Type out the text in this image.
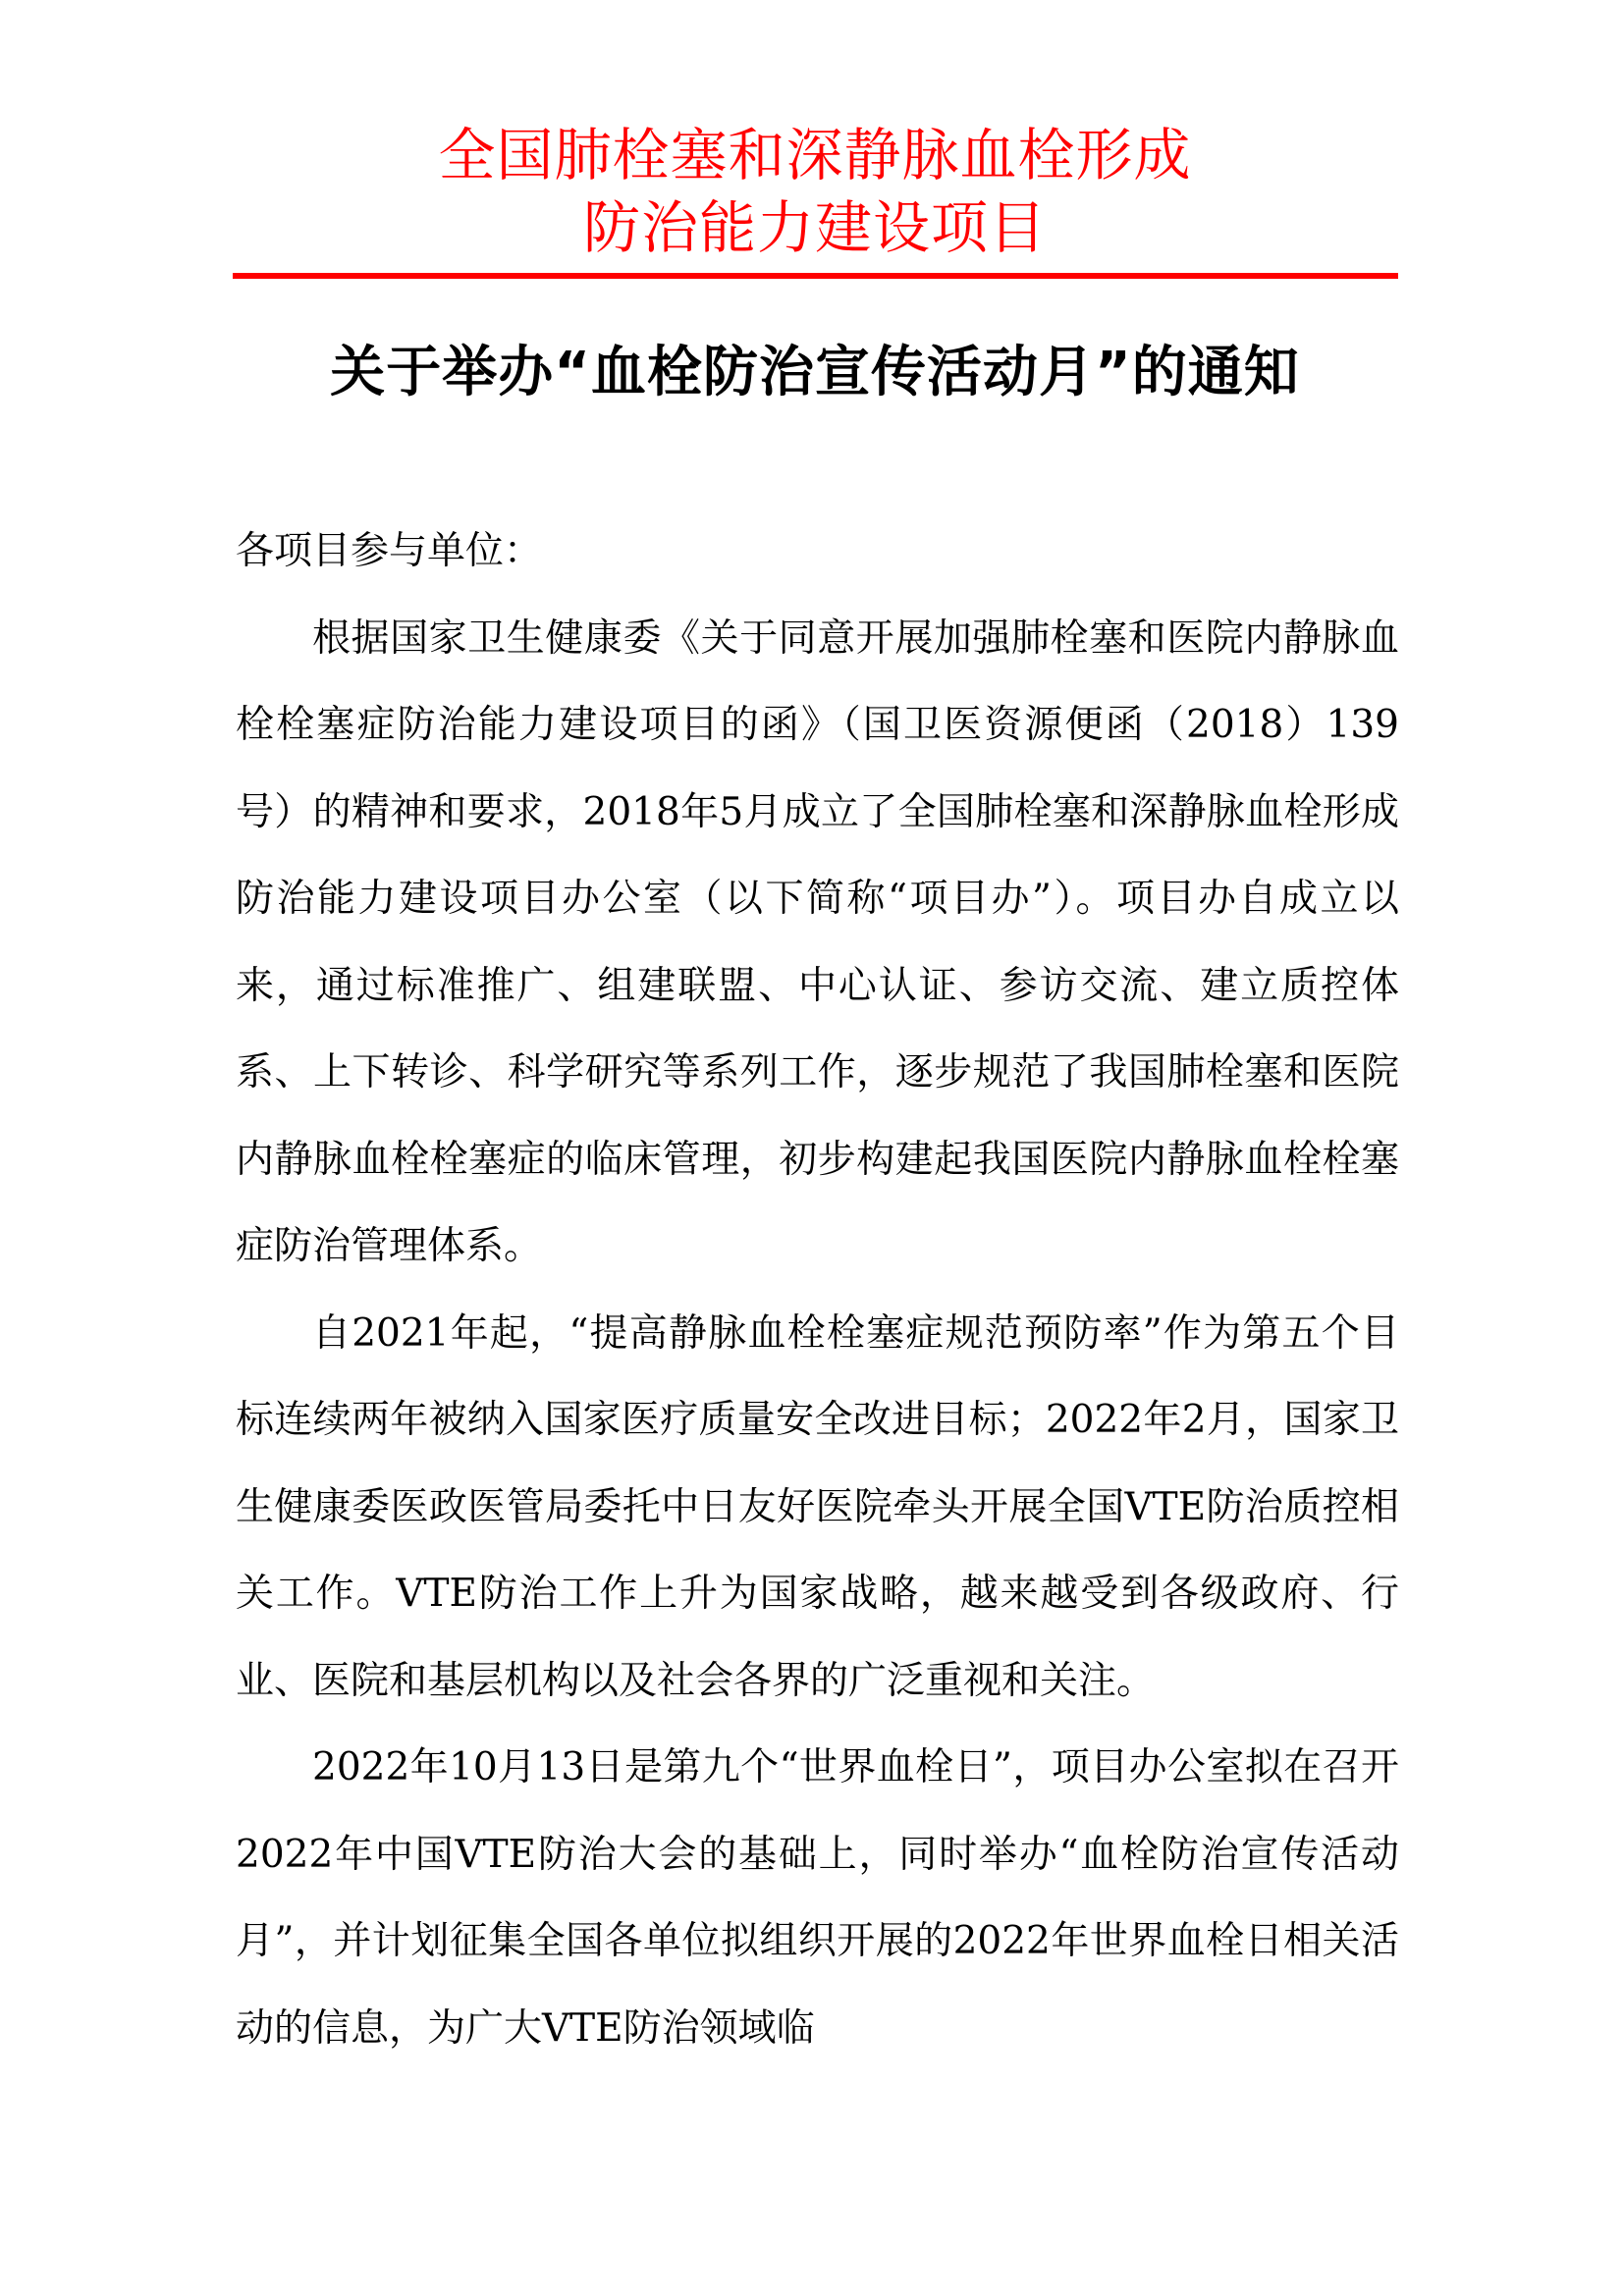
全国肺栓塞和深静脉血栓形成
防治能力建设项目
关于举办“血栓防治宣传活动月”的通知

各项目参与单位：

根据国家卫生健康委《关于同意开展加强肺栓塞和医院内静脉血栓栓塞症防治能力建设项目的函》（国卫医资源便函（2018）139号）的精神和要求，2018年5月成立了全国肺栓塞和深静脉血栓形成防治能力建设项目办公室（以下简称“项目办”）。项目办自成立以来，通过标准推广、组建联盟、中心认证、参访交流、建立质控体系、上下转诊、科学研究等系列工作，逐步规范了我国肺栓塞和医院内静脉血栓栓塞症的临床管理，初步构建起我国医院内静脉血栓栓塞症防治管理体系。

自2021年起，“提高静脉血栓栓塞症规范预防率”作为第五个目标连续两年被纳入国家医疗质量安全改进目标；2022年2月，国家卫生健康委医政医管局委托中日友好医院牵头开展全国VTE防治质控相关工作。VTE防治工作上升为国家战略，越来越受到各级政府、行业、医院和基层机构以及社会各界的广泛重视和关注。

2022年10月13日是第九个“世界血栓日”，项目办公室拟在召开2022年中国VTE防治大会的基础上，同时举办“血栓防治宣传活动月”，并计划征集全国各单位拟组织开展的2022年世界血栓日相关活动的信息，为广大VTE防治领域临
